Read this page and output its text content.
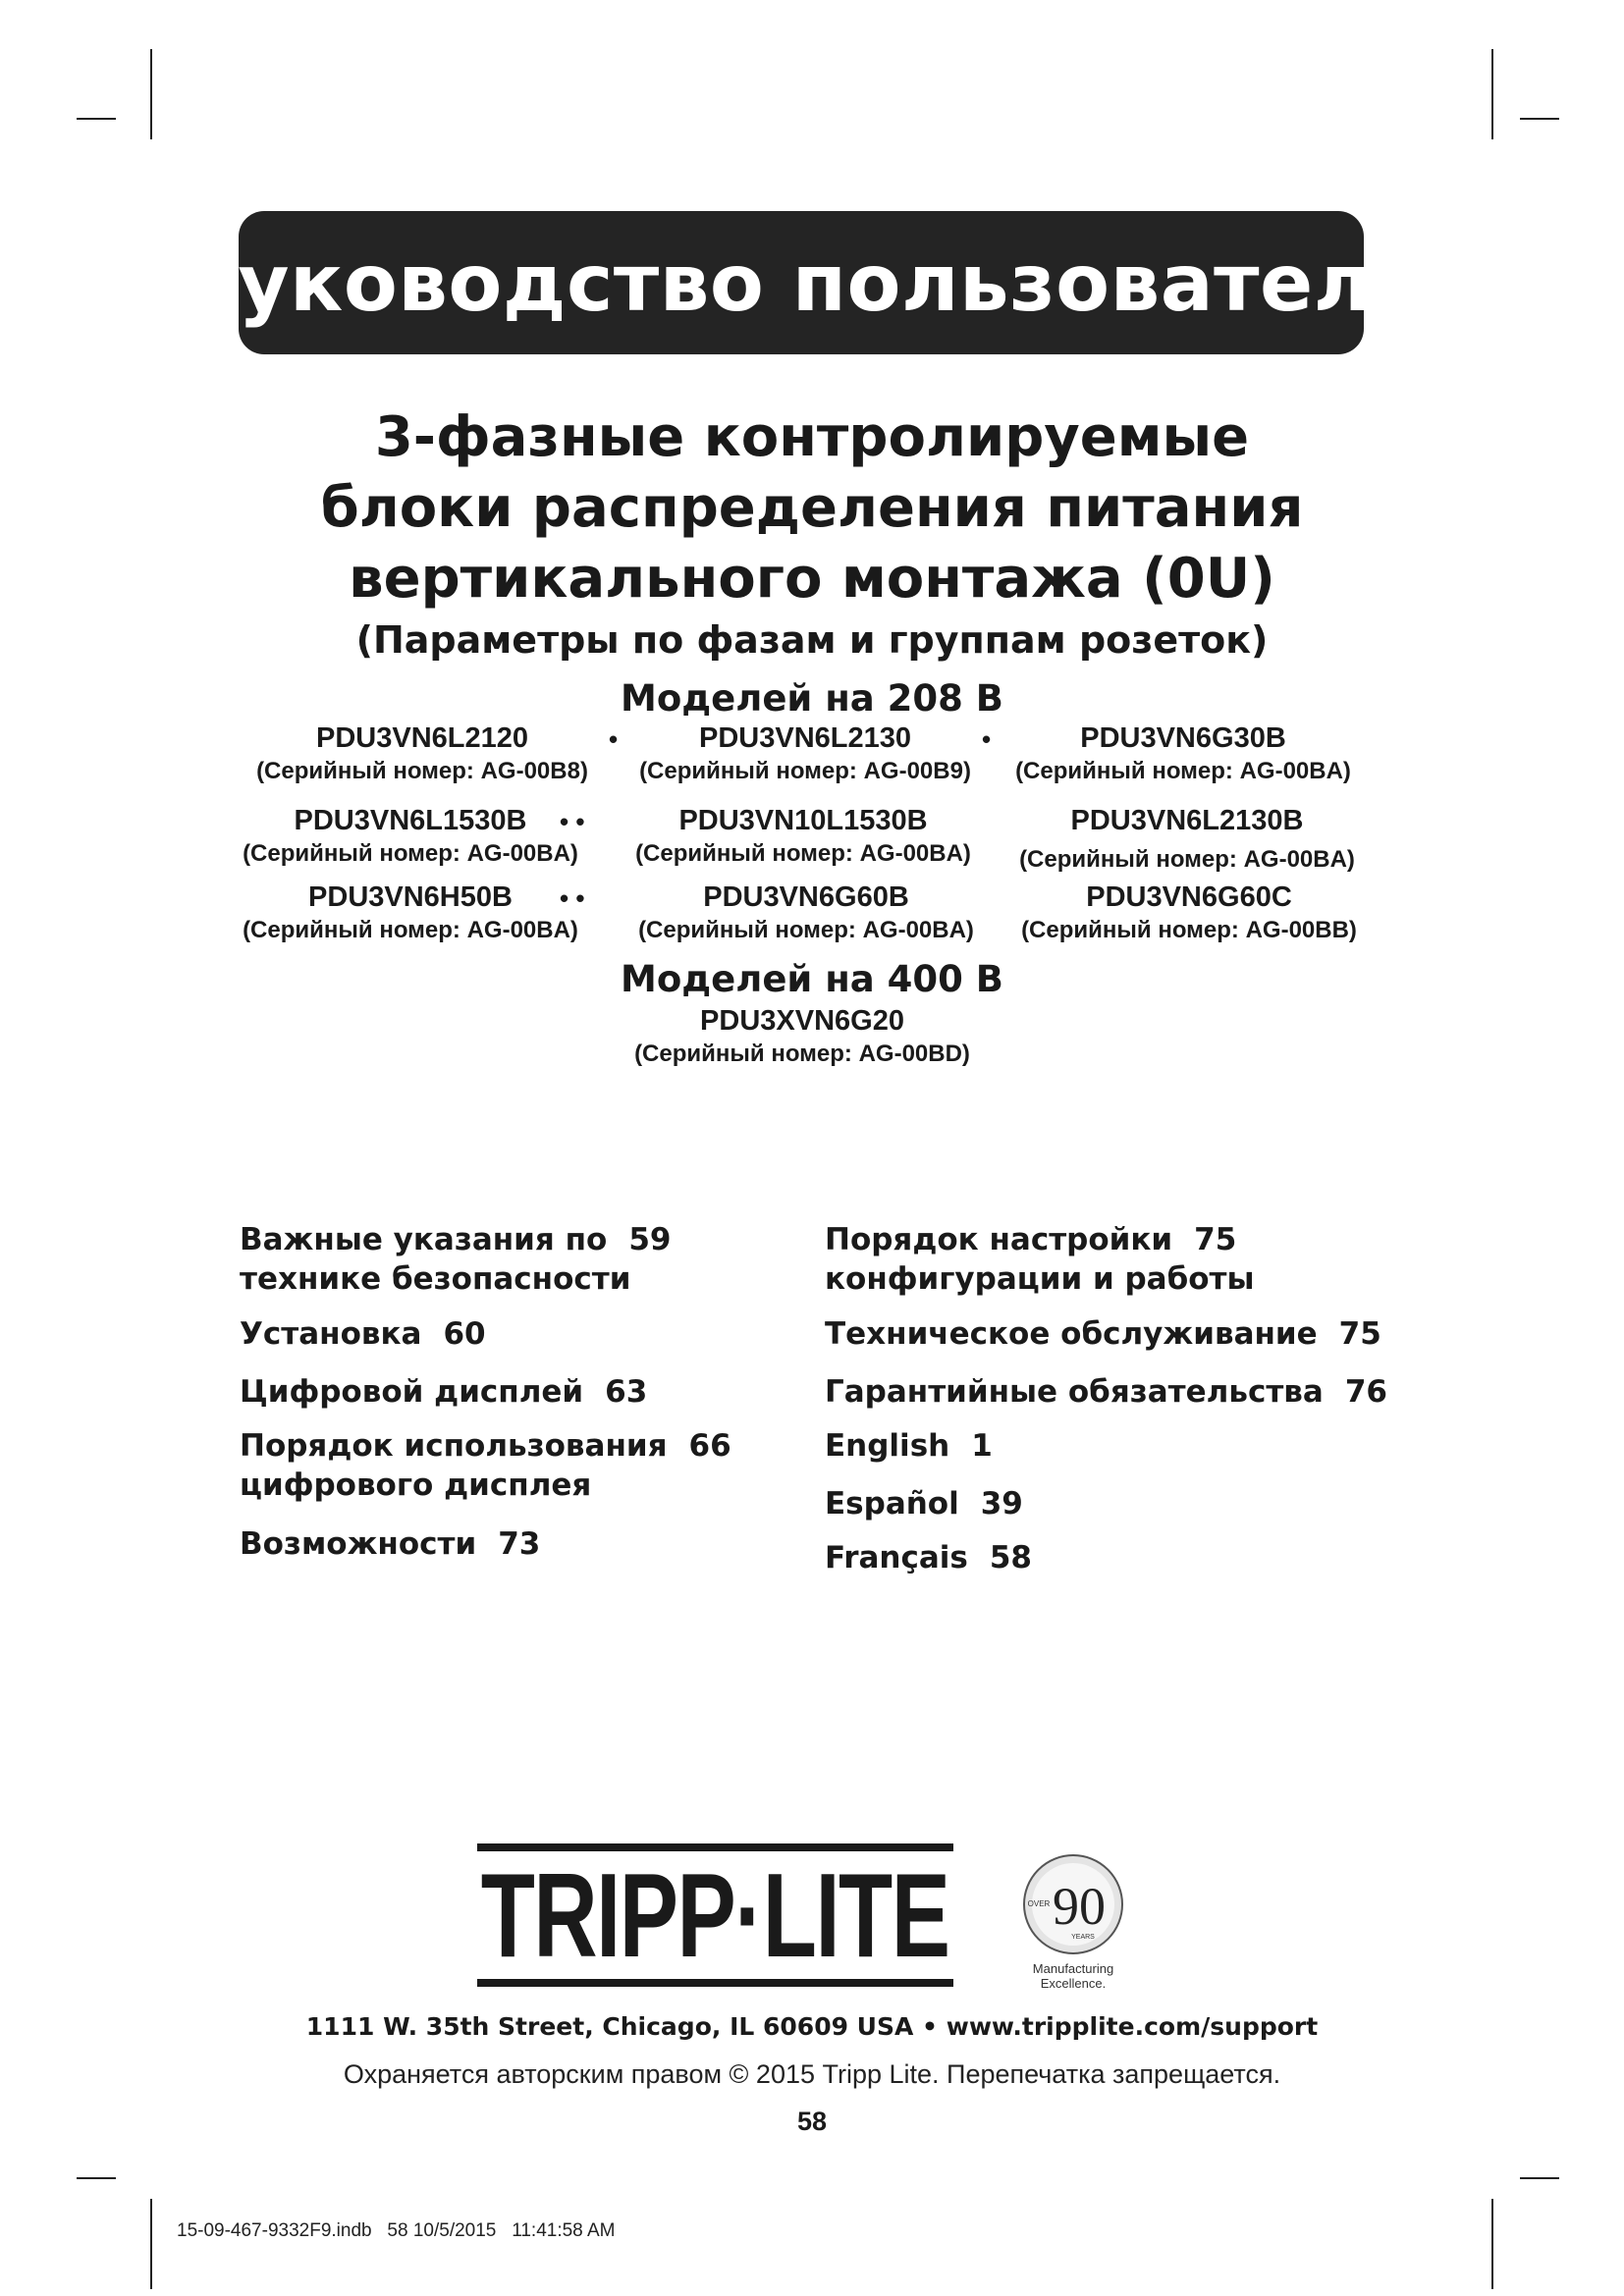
Руководство пользователя
3-фазные контролируемые
блоки распределения питания
вертикального монтажа (0U)
(Параметры по фазам и группам розеток)
Моделей на 208 В
PDU3VN6L2120
(Серийный номер: AG-00B8)
•	PDU3VN6L2130
(Серийный номер: AG-00B9)
•	PDU3VN6G30B
(Серийный номер: AG-00BA)
PDU3VN6L1530B
(Серийный номер: AG-00BA)
• •	PDU3VN10L1530B
(Серийный номер: AG-00BA)
PDU3VN6L2130B
(Серийный номер: AG-00BA)
PDU3VN6H50B
(Серийный номер: AG-00BA)
• •	PDU3VN6G60B
(Серийный номер: AG-00BA)
PDU3VN6G60C
(Серийный номер: AG-00BB)
Моделей на 400 В
PDU3XVN6G20
(Серийный номер: AG-00BD)
Важные указания по 59
технике безопасности
Установка 60
Цифровой дисплей 63
Порядок использования 66
цифрового дисплея
Возможности 73
Порядок настройки 75
конфигурации и работы
Техническое обслуживание 75
Гарантийные обязательства 76
English 1
Español 39
Français 58
TRIPP·LITE 90
OVER
YEARS
Manufacturing
Excellence.
1111 W. 35th Street, Chicago, IL 60609 USA • www.tripplite.com/support
Охраняется авторским правом © 2015 Tripp Lite. Перепечатка запрещается.
58
15-09-467-9332F9.indb   58 10/5/2015   11:41:58 AM
